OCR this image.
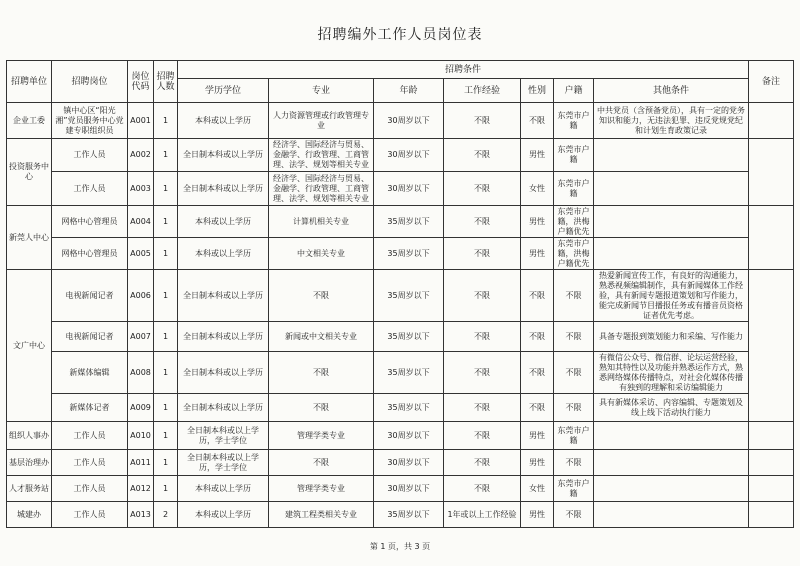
招聘编外工作人员岗位表
招聘单位	招聘岗位	岗位代码	招聘人数	招聘条件							备注
				学历学位	专业	年龄	工作经验	性别	户籍	其他条件	
企业工委	镇中心区“阳光湘”党员服务中心党建专职组织员	A001	1	本科或以上学历	人力资源管理或行政管理专业	30周岁以下	不限	不限	东莞市户籍	中共党员（含预备党员），具有一定的党务知识和能力，无违法犯罪、违反党规党纪和计划生育政策记录	
投资服务中心	工作人员	A002	1	全日制本科或以上学历	经济学、国际经济与贸易、金融学、行政管理、工商管理、法学、规划等相关专业	30周岁以下	不限	男性	东莞市户籍		
	工作人员	A003	1	全日制本科或以上学历	经济学、国际经济与贸易、金融学、行政管理、工商管理、法学、规划等相关专业	30周岁以下	不限	女性	东莞市户籍		
新莞人中心	网格中心管理员	A004	1	本科或以上学历	计算机相关专业	35周岁以下	不限	男性	东莞市户籍，洪梅户籍优先		
	网格中心管理员	A005	1	本科或以上学历	中文相关专业	35周岁以下	不限	男性	东莞市户籍，洪梅户籍优先		
文广中心	电视新闻记者	A006	1	全日制本科或以上学历	不限	35周岁以下	不限	不限	不限	热爱新闻宣传工作，有良好的沟通能力，熟悉视频编辑制作，具有新闻媒体工作经验，具有新闻专题报道策划和写作能力，能完成新闻节目播报任务或有播音员资格证者优先考虑。	
	电视新闻记者	A007	1	全日制本科或以上学历	新闻或中文相关专业	35周岁以下	不限	不限	不限	具备专题报到策划能力和采编、写作能力	
	新媒体编辑	A008	1	全日制本科或以上学历	不限	35周岁以下	不限	不限	不限	有微信公众号、微信群、论坛运营经验，熟知其特性以及功能并熟悉运作方式，熟悉网络媒体传播特点，对社会化媒体传播有独到的理解和采访编辑能力	
	新媒体记者	A009	1	全日制本科或以上学历	不限	35周岁以下	不限	不限	不限	具有新媒体采访、内容编辑、专题策划及线上线下活动执行能力	
组织人事办	工作人员	A010	1	全日制本科或以上学历，学士学位	管理学类专业	30周岁以下	不限	男性	东莞市户籍		
基层治理办	工作人员	A011	1	全日制本科或以上学历，学士学位	不限	30周岁以下	不限	男性	不限		
人才服务站	工作人员	A012	1	本科或以上学历	管理学类专业	30周岁以下	不限	女性	东莞市户籍		
城建办	工作人员	A013	2	本科或以上学历	建筑工程类相关专业	35周岁以下	1年或以上工作经验	男性	不限		
第 1 页，共 3 页
